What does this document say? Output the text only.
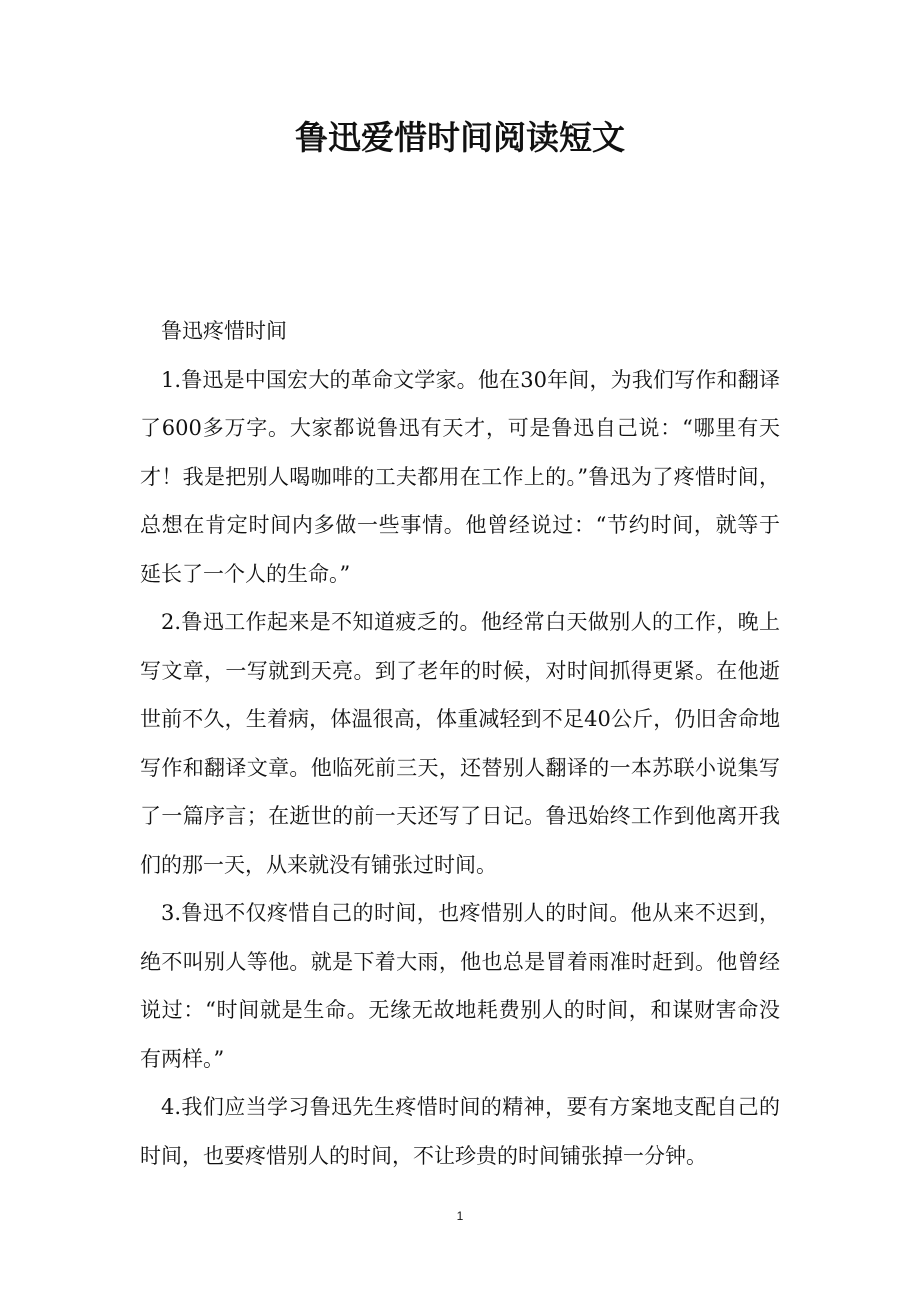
鲁迅爱惜时间阅读短文

鲁迅疼惜时间

1.鲁迅是中国宏大的革命文学家。他在30年间，为我们写作和翻译了600多万字。大家都说鲁迅有天才，可是鲁迅自己说：“哪里有天才！我是把别人喝咖啡的工夫都用在工作上的。”鲁迅为了疼惜时间，总想在肯定时间内多做一些事情。他曾经说过：“节约时间，就等于延长了一个人的生命。”

2.鲁迅工作起来是不知道疲乏的。他经常白天做别人的工作，晚上写文章，一写就到天亮。到了老年的时候，对时间抓得更紧。在他逝世前不久，生着病，体温很高，体重减轻到不足40公斤，仍旧舍命地写作和翻译文章。他临死前三天，还替别人翻译的一本苏联小说集写了一篇序言；在逝世的前一天还写了日记。鲁迅始终工作到他离开我们的那一天，从来就没有铺张过时间。

3.鲁迅不仅疼惜自己的时间，也疼惜别人的时间。他从来不迟到，绝不叫别人等他。就是下着大雨，他也总是冒着雨准时赶到。他曾经说过：“时间就是生命。无缘无故地耗费别人的时间，和谋财害命没有两样。”

4.我们应当学习鲁迅先生疼惜时间的精神，要有方案地支配自己的时间，也要疼惜别人的时间，不让珍贵的时间铺张掉一分钟。

1
